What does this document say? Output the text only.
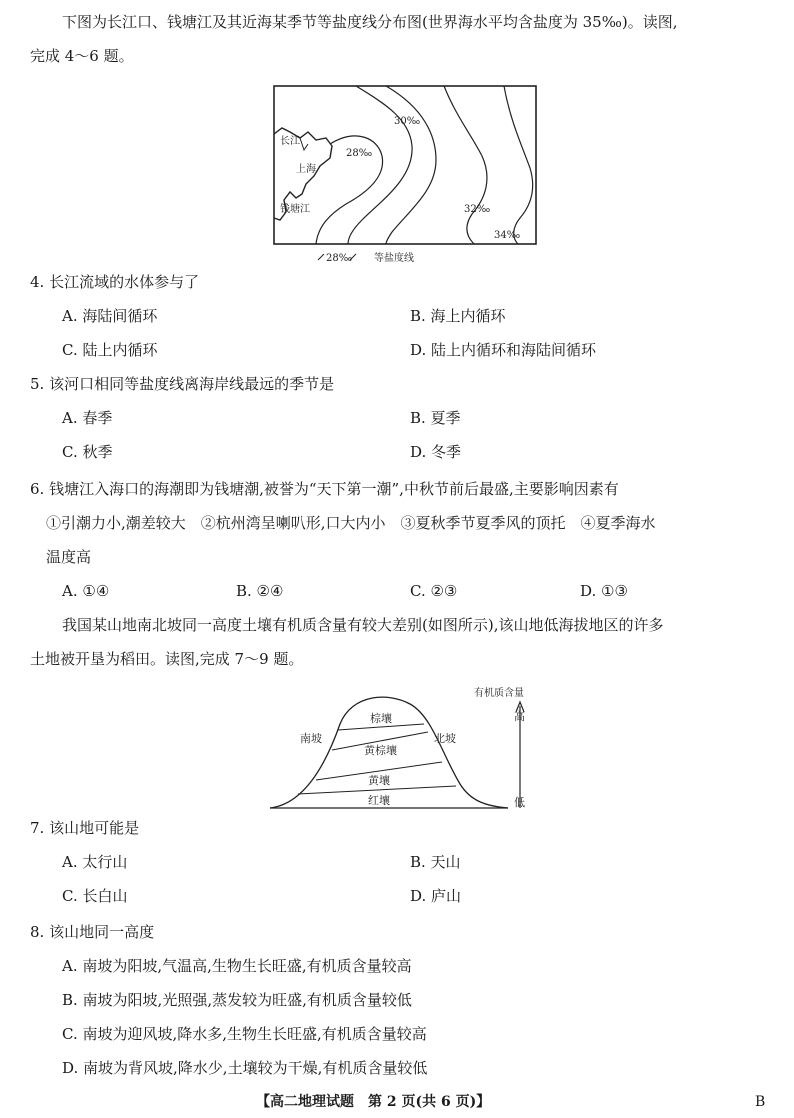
下图为长江口、钱塘江及其近海某季节等盐度线分布图(世界海水平均含盐度为 35‰)。读图,
完成 4～6 题。
长江
上海
钱塘江
28‰
30‰
32‰
34‰
28‰ 等盐度线
4. 长江流域的水体参与了
A. 海陆间循环	B. 海上内循环
C. 陆上内循环	D. 陆上内循环和海陆间循环
5. 该河口相同等盐度线离海岸线最远的季节是
A. 春季	B. 夏季
C. 秋季	D. 冬季
6. 钱塘江入海口的海潮即为钱塘潮,被誉为“天下第一潮”,中秋节前后最盛,主要影响因素有
①引潮力小,潮差较大　②杭州湾呈喇叭形,口大内小　③夏秋季节夏季风的顶托　④夏季海水
温度高
A. ①④	B. ②④	C. ②③	D. ①③
我国某山地南北坡同一高度土壤有机质含量有较大差别(如图所示),该山地低海拔地区的许多
土地被开垦为稻田。读图,完成 7～9 题。
棕壤
黄棕壤
黄壤
红壤
南坡	北坡
有机质含量
高
低
7. 该山地可能是
A. 太行山	B. 天山
C. 长白山	D. 庐山
8. 该山地同一高度
A. 南坡为阳坡,气温高,生物生长旺盛,有机质含量较高
B. 南坡为阳坡,光照强,蒸发较为旺盛,有机质含量较低
C. 南坡为迎风坡,降水多,生物生长旺盛,有机质含量较高
D. 南坡为背风坡,降水少,土壤较为干燥,有机质含量较低
【高二地理试题　第 2 页(共 6 页)】	B
